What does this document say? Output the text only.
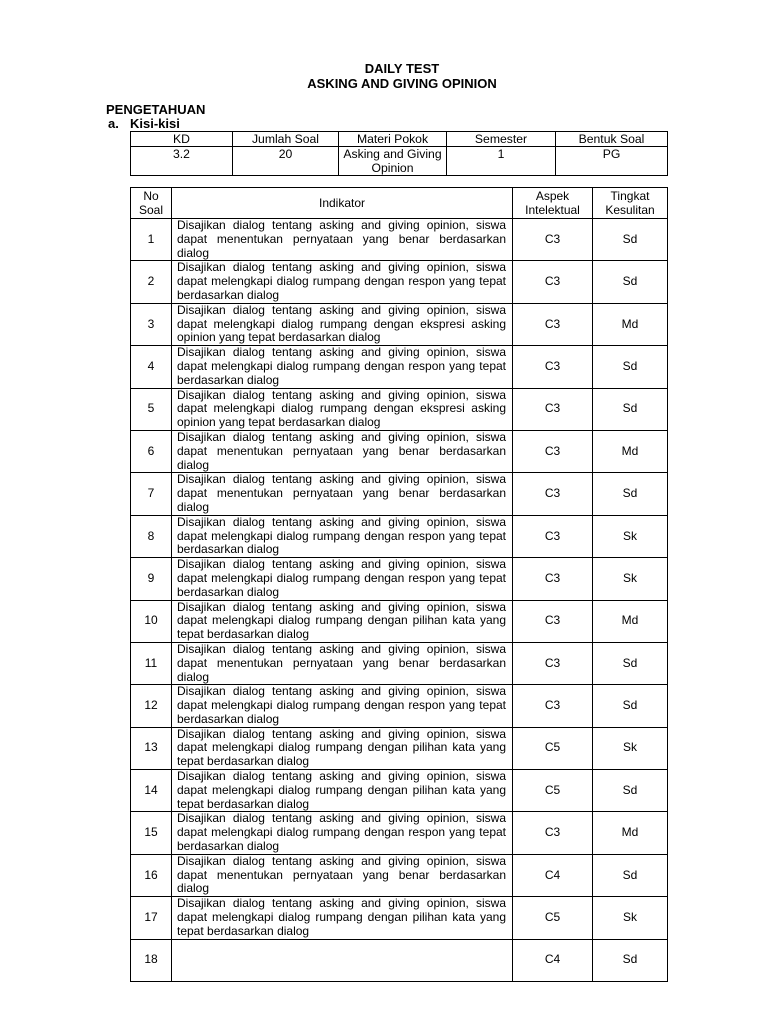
DAILY TEST
ASKING AND GIVING OPINION
PENGETAHUAN
a. Kisi-kisi
KD	Jumlah Soal	Materi Pokok	Semester	Bentuk Soal
3.2	20	Asking and Giving Opinion	1	PG
No Soal	Indikator	Aspek Intelektual	Tingkat Kesulitan
1	Disajikan dialog tentang asking and giving opinion, siswa dapat menentukan pernyataan yang benar berdasarkan dialog	C3	Sd
2	Disajikan dialog tentang asking and giving opinion, siswa dapat melengkapi dialog rumpang dengan respon yang tepat berdasarkan dialog	C3	Sd
3	Disajikan dialog tentang asking and giving opinion, siswa dapat melengkapi dialog rumpang dengan ekspresi asking opinion yang tepat berdasarkan dialog	C3	Md
4	Disajikan dialog tentang asking and giving opinion, siswa dapat melengkapi dialog rumpang dengan respon yang tepat berdasarkan dialog	C3	Sd
5	Disajikan dialog tentang asking and giving opinion, siswa dapat melengkapi dialog rumpang dengan ekspresi asking opinion yang tepat berdasarkan dialog	C3	Sd
6	Disajikan dialog tentang asking and giving opinion, siswa dapat menentukan pernyataan yang benar berdasarkan dialog	C3	Md
7	Disajikan dialog tentang asking and giving opinion, siswa dapat menentukan pernyataan yang benar berdasarkan dialog	C3	Sd
8	Disajikan dialog tentang asking and giving opinion, siswa dapat melengkapi dialog rumpang dengan respon yang tepat berdasarkan dialog	C3	Sk
9	Disajikan dialog tentang asking and giving opinion, siswa dapat melengkapi dialog rumpang dengan respon yang tepat berdasarkan dialog	C3	Sk
10	Disajikan dialog tentang asking and giving opinion, siswa dapat melengkapi dialog rumpang dengan pilihan kata yang tepat berdasarkan dialog	C3	Md
11	Disajikan dialog tentang asking and giving opinion, siswa dapat menentukan pernyataan yang benar berdasarkan dialog	C3	Sd
12	Disajikan dialog tentang asking and giving opinion, siswa dapat melengkapi dialog rumpang dengan respon yang tepat berdasarkan dialog	C3	Sd
13	Disajikan dialog tentang asking and giving opinion, siswa dapat melengkapi dialog rumpang dengan pilihan kata yang tepat berdasarkan dialog	C5	Sk
14	Disajikan dialog tentang asking and giving opinion, siswa dapat melengkapi dialog rumpang dengan pilihan kata yang tepat berdasarkan dialog	C5	Sd
15	Disajikan dialog tentang asking and giving opinion, siswa dapat melengkapi dialog rumpang dengan respon yang tepat berdasarkan dialog	C3	Md
16	Disajikan dialog tentang asking and giving opinion, siswa dapat menentukan pernyataan yang benar berdasarkan dialog	C4	Sd
17	Disajikan dialog tentang asking and giving opinion, siswa dapat melengkapi dialog rumpang dengan pilihan kata yang tepat berdasarkan dialog	C5	Sk
18		C4	Sd
